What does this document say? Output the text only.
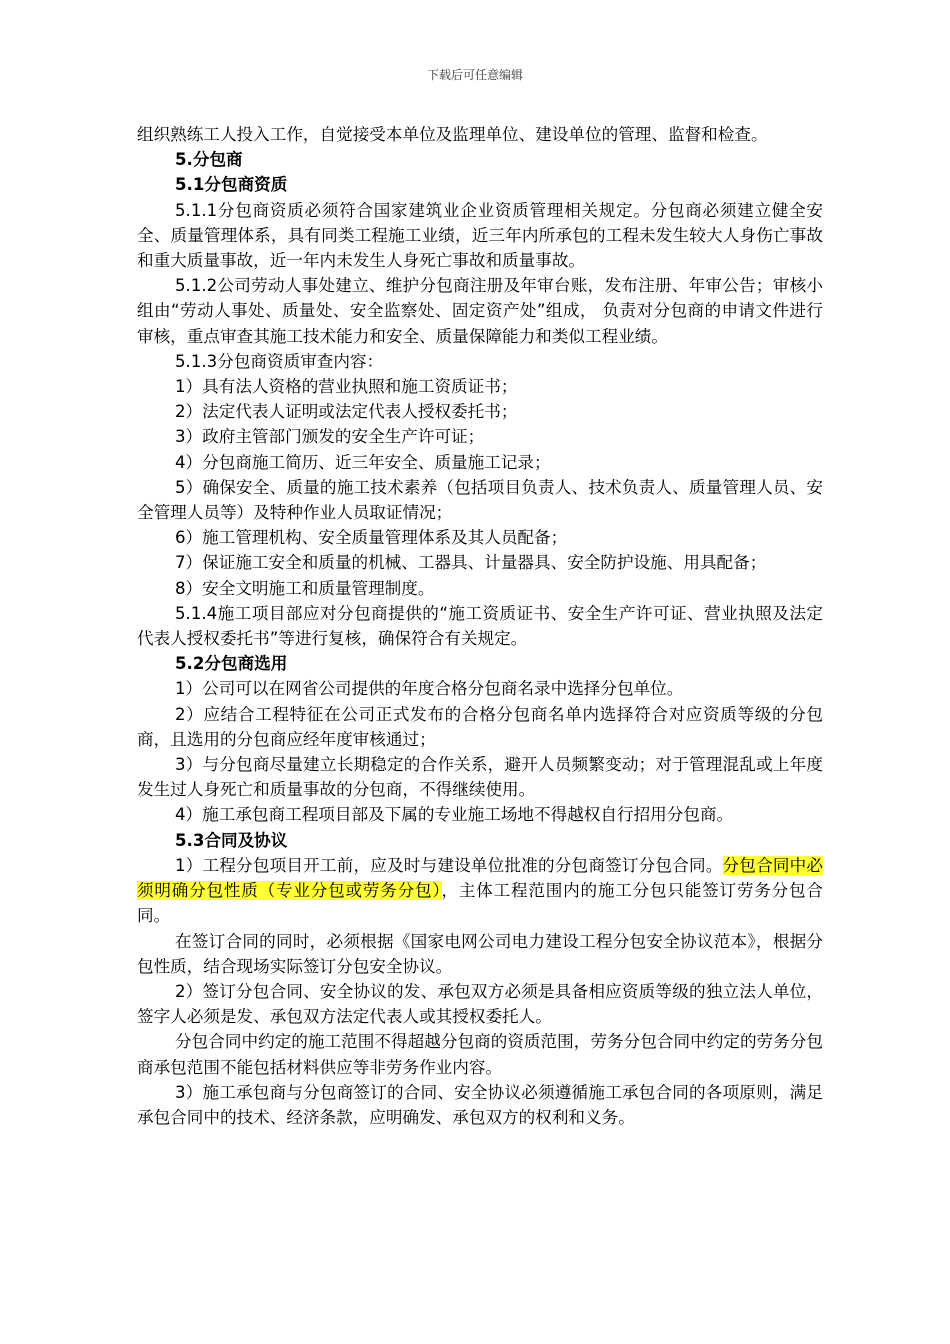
下载后可任意编辑
组织熟练工人投入工作，自觉接受本单位及监理单位、建设单位的管理、监督和检查。
5.分包商
5.1分包商资质
5.1.1分包商资质必须符合国家建筑业企业资质管理相关规定。分包商必须建立健全安全、质量管理体系，具有同类工程施工业绩，近三年内所承包的工程未发生较大人身伤亡事故和重大质量事故，近一年内未发生人身死亡事故和质量事故。
5.1.2公司劳动人事处建立、维护分包商注册及年审台账，发布注册、年审公告；审核小组由“劳动人事处、质量处、安全监察处、固定资产处”组成， 负责对分包商的申请文件进行审核，重点审查其施工技术能力和安全、质量保障能力和类似工程业绩。
5.1.3分包商资质审查内容：
1）具有法人资格的营业执照和施工资质证书；
2）法定代表人证明或法定代表人授权委托书；
3）政府主管部门颁发的安全生产许可证；
4）分包商施工简历、近三年安全、质量施工记录；
5）确保安全、质量的施工技术素养（包括项目负责人、技术负责人、质量管理人员、安全管理人员等）及特种作业人员取证情况；
6）施工管理机构、安全质量管理体系及其人员配备；
7）保证施工安全和质量的机械、工器具、计量器具、安全防护设施、用具配备；
8）安全文明施工和质量管理制度。
5.1.4施工项目部应对分包商提供的“施工资质证书、安全生产许可证、营业执照及法定代表人授权委托书”等进行复核，确保符合有关规定。
5.2分包商选用
1）公司可以在网省公司提供的年度合格分包商名录中选择分包单位。
2）应结合工程特征在公司正式发布的合格分包商名单内选择符合对应资质等级的分包商，且选用的分包商应经年度审核通过；
3）与分包商尽量建立长期稳定的合作关系，避开人员频繁变动；对于管理混乱或上年度发生过人身死亡和质量事故的分包商，不得继续使用。
4）施工承包商工程项目部及下属的专业施工场地不得越权自行招用分包商。
5.3合同及协议
1）工程分包项目开工前，应及时与建设单位批准的分包商签订分包合同。分包合同中必须明确分包性质（专业分包或劳务分包），主体工程范围内的施工分包只能签订劳务分包合同。
在签订合同的同时，必须根据《国家电网公司电力建设工程分包安全协议范本》，根据分包性质，结合现场实际签订分包安全协议。
2）签订分包合同、安全协议的发、承包双方必须是具备相应资质等级的独立法人单位，签字人必须是发、承包双方法定代表人或其授权委托人。
分包合同中约定的施工范围不得超越分包商的资质范围，劳务分包合同中约定的劳务分包商承包范围不能包括材料供应等非劳务作业内容。
3）施工承包商与分包商签订的合同、安全协议必须遵循施工承包合同的各项原则，满足承包合同中的技术、经济条款，应明确发、承包双方的权利和义务。
